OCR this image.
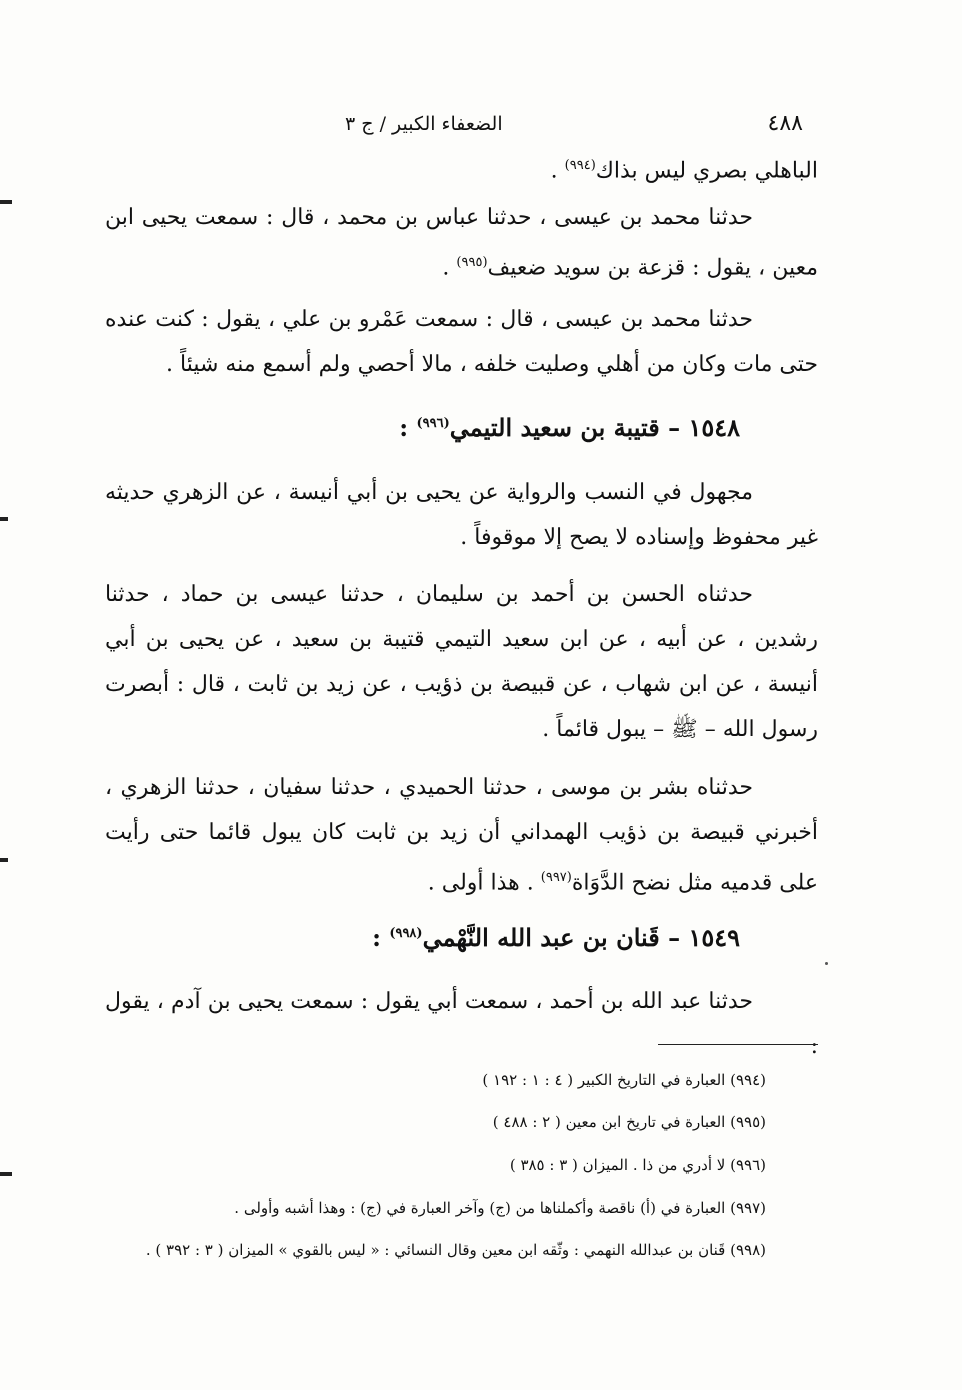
٤٨٨
الضعفاء الكبير / ج ٣
الباهلي بصري ليس بذاك$^{(٩٩٤)}$ .
حدثنا محمد بن عيسى ، حدثنا عباس بن محمد ، قال : سمعت يحيى ابن معين ، يقول : قزعة بن سويد ضعيف$^{(٩٩٥)}$ .
حدثنا محمد بن عيسى ، قال : سمعت عَمْرو بن علي ، يقول : كنت عنده حتى مات وكان من أهلي وصليت خلفه ، مالا أحصي ولم أسمع منه شيئاً .
١٥٤٨ – قتيبة بن سعيد التيمي$^{(٩٩٦)}$ :
مجهول في النسب والرواية عن يحيى بن أبي أنيسة ، عن الزهري حديثه غير محفوظ وإسناده لا يصح إلا موقوفاً .
حدثناه الحسن بن أحمد بن سليمان ، حدثنا عيسى بن حماد ، حدثنا رشدين ، عن أبيه ، عن ابن سعيد التيمي قتيبة بن سعيد ، عن يحيى بن أبي أنيسة ، عن ابن شهاب ، عن قبيصة بن ذؤيب ، عن زيد بن ثابت ، قال : أبصرت رسول الله – ﷺ – يبول قائماً .
حدثناه بشر بن موسى ، حدثنا الحميدي ، حدثنا سفيان ، حدثنا الزهري ، أخبرني قبيصة بن ذؤيب الهمداني أن زيد بن ثابت كان يبول قائما حتى رأيت على قدميه مثل نضح الدَّوَاة$^{(٩٩٧)}$ . هذا أولى .
١٥٤٩ – قَنان بن عبد الله النَّهْمي$^{(٩٩٨)}$ :
حدثنا عبد الله بن أحمد ، سمعت أبي يقول : سمعت يحيى بن آدم ، يقول :
(٩٩٤) العبارة في التاريخ الكبير ( ٤ : ١ : ١٩٢ )
(٩٩٥) العبارة في تاريخ ابن معين ( ٢ : ٤٨٨ )
(٩٩٦) لا أدري من ذا . الميزان ( ٣ : ٣٨٥ )
(٩٩٧) العبارة في (أ) ناقصة وأكملناها من (ج) وآخر العبارة في (ج) : وهذا أشبه وأولى .
(٩٩٨) قَنان بن عبدالله النهمي : وثّقه ابن معين وقال النسائي : « ليس بالقوي » الميزان ( ٣ : ٣٩٢ ) .
